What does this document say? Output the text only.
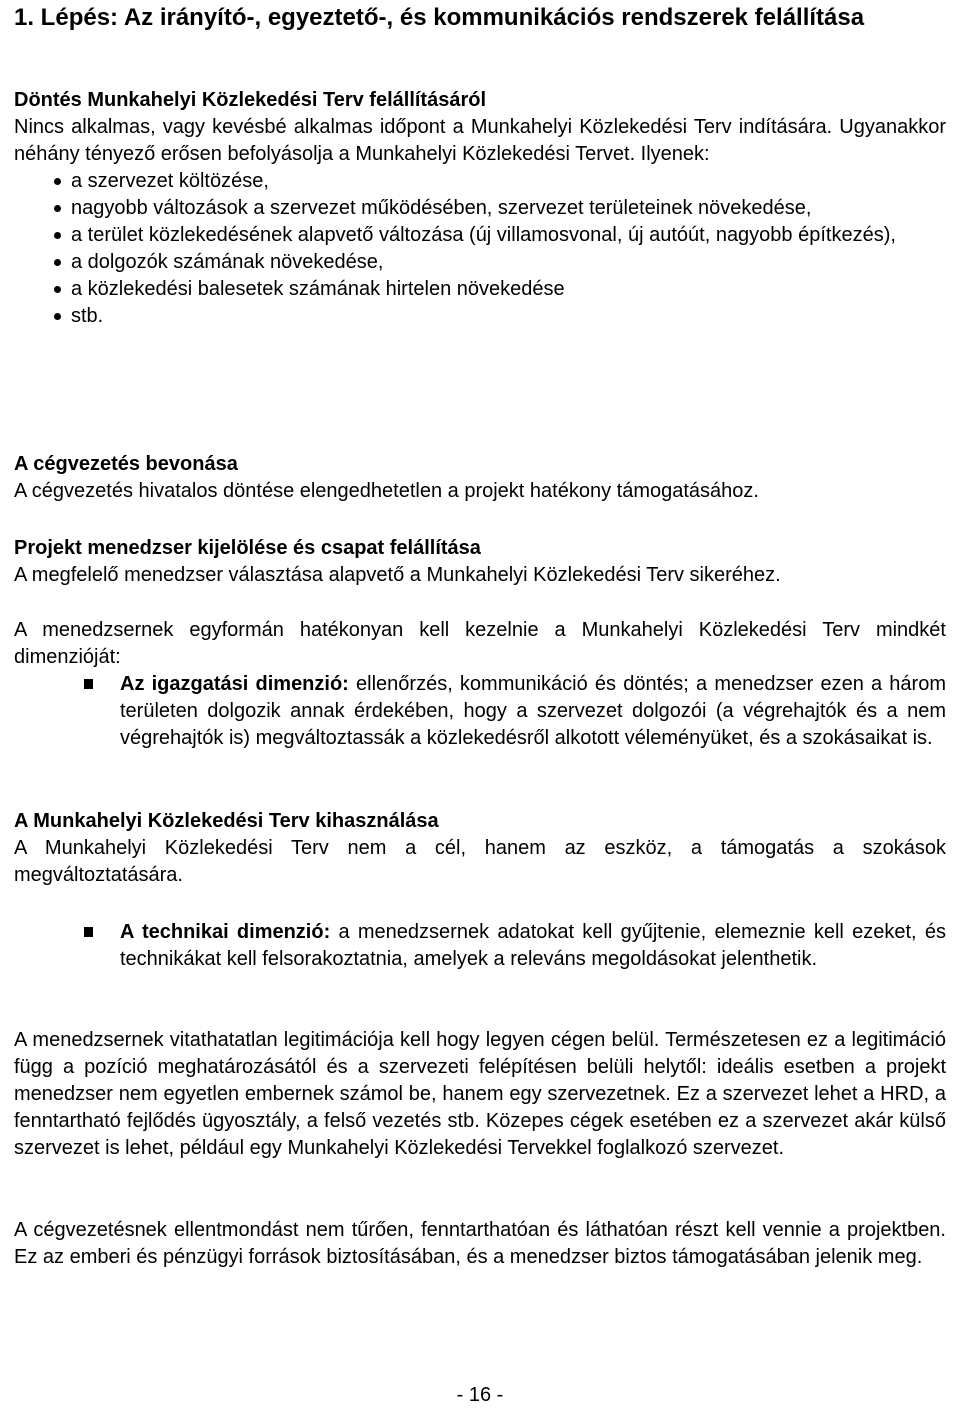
1. Lépés: Az irányító-, egyeztető-, és kommunikációs rendszerek felállítása
Döntés Munkahelyi Közlekedési Terv felállításáról

Nincs alkalmas, vagy kevésbé alkalmas időpont a Munkahelyi Közlekedési Terv indítására. Ugyanakkor néhány tényező erősen befolyásolja a Munkahelyi Közlekedési Tervet. Ilyenek:

a szervezet költözése,
nagyobb változások a szervezet működésében, szervezet területeinek növekedése,
a terület közlekedésének alapvető változása (új villamosvonal, új autóút, nagyobb építkezés),
a dolgozók számának növekedése,
a közlekedési balesetek számának hirtelen növekedése
stb.
A cégvezetés bevonása

A cégvezetés hivatalos döntése elengedhetetlen a projekt hatékony támogatásához.

Projekt menedzser kijelölése és csapat felállítása

A megfelelő menedzser választása alapvető a Munkahelyi Közlekedési Terv sikeréhez.

A menedzsernek egyformán hatékonyan kell kezelnie a Munkahelyi Közlekedési Terv mindkét dimenzióját:

Az igazgatási dimenzió: ellenőrzés, kommunikáció és döntés; a menedzser ezen a három területen dolgozik annak érdekében, hogy a szervezet dolgozói (a végrehajtók és a nem végrehajtók is) megváltoztassák a közlekedésről alkotott véleményüket, és a szokásaikat is.
A Munkahelyi Közlekedési Terv kihasználása

A Munkahelyi Közlekedési Terv nem a cél, hanem az eszköz, a támogatás a szokások megváltoztatására.

A technikai dimenzió: a menedzsernek adatokat kell gyűjtenie, elemeznie kell ezeket, és technikákat kell felsorakoztatnia, amelyek a releváns megoldásokat jelenthetik.

A menedzsernek vitathatatlan legitimációja kell hogy legyen cégen belül. Természetesen ez a legitimáció függ a pozíció meghatározásától és a szervezeti felépítésen belüli helytől: ideális esetben a projekt menedzser nem egyetlen embernek számol be, hanem egy szervezetnek. Ez a szervezet lehet a HRD, a fenntartható fejlődés ügyosztály, a felső vezetés stb. Közepes cégek esetében ez a szervezet akár külső szervezet is lehet, például egy Munkahelyi Közlekedési Tervekkel foglalkozó szervezet.

A cégvezetésnek ellentmondást nem tűrően, fenntarthatóan és láthatóan részt kell vennie a projektben. Ez az emberi és pénzügyi források biztosításában, és a menedzser biztos támogatásában jelenik meg.

- 16 -
